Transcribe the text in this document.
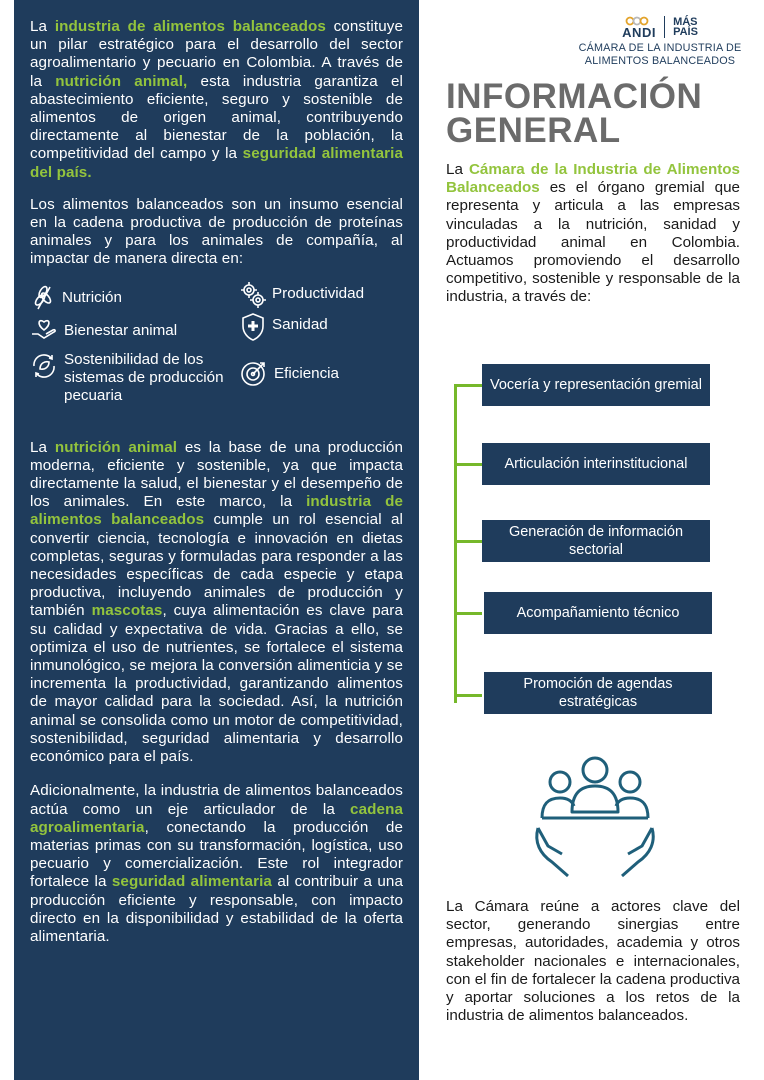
La industria de alimentos balanceados constituye un pilar estratégico para el desarrollo del sector agroalimentario y pecuario en Colombia. A través de la nutrición animal, esta industria garantiza el abastecimiento eficiente, seguro y sostenible de alimentos de origen animal, contribuyendo directamente al bienestar de la población, la competitividad del campo y la seguridad alimentaria del país.

Los alimentos balanceados son un insumo esencial en la cadena productiva de producción de proteínas animales y para los animales de compañía, al impactar de manera directa en:

Nutrición	Productividad
Bienestar animal	Sanidad
Sostenibilidad de los sistemas de producción pecuaria
Eficiencia

La nutrición animal es la base de una producción moderna, eficiente y sostenible, ya que impacta directamente la salud, el bienestar y el desempeño de los animales. En este marco, la industria de alimentos balanceados cumple un rol esencial al convertir ciencia, tecnología e innovación en dietas completas, seguras y formuladas para responder a las necesidades específicas de cada especie y etapa productiva, incluyendo animales de producción y también mascotas, cuya alimentación es clave para su calidad y expectativa de vida. Gracias a ello, se optimiza el uso de nutrientes, se fortalece el sistema inmunológico, se mejora la conversión alimenticia y se incrementa la productividad, garantizando alimentos de mayor calidad para la sociedad. Así, la nutrición animal se consolida como un motor de competitividad, sostenibilidad, seguridad alimentaria y desarrollo económico para el país.

Adicionalmente, la industria de alimentos balanceados actúa como un eje articulador de la cadena agroalimentaria, conectando la producción de materias primas con su transformación, logística, uso pecuario y comercialización. Este rol integrador fortalece la seguridad alimentaria al contribuir a una producción eficiente y responsable, con impacto directo en la disponibilidad y estabilidad de la oferta alimentaria.

ANDI
MÁS
PAÍS
CÁMARA DE LA INDUSTRIA DE
ALIMENTOS BALANCEADOS
INFORMACIÓN
GENERAL

La Cámara de la Industria de Alimentos Balanceados es el órgano gremial que representa y articula a las empresas vinculadas a la nutrición, sanidad y productividad animal en Colombia. Actuamos promoviendo el desarrollo competitivo, sostenible y responsable de la industria, a través de:

Vocería y representación gremial
Articulación interinstitucional
Generación de información sectorial
Acompañamiento técnico
Promoción de agendas estratégicas

La Cámara reúne a actores clave del sector, generando sinergias entre empresas, autoridades, academia y otros stakeholder nacionales e internacionales, con el fin de fortalecer la cadena productiva y aportar soluciones a los retos de la industria de alimentos balanceados.
